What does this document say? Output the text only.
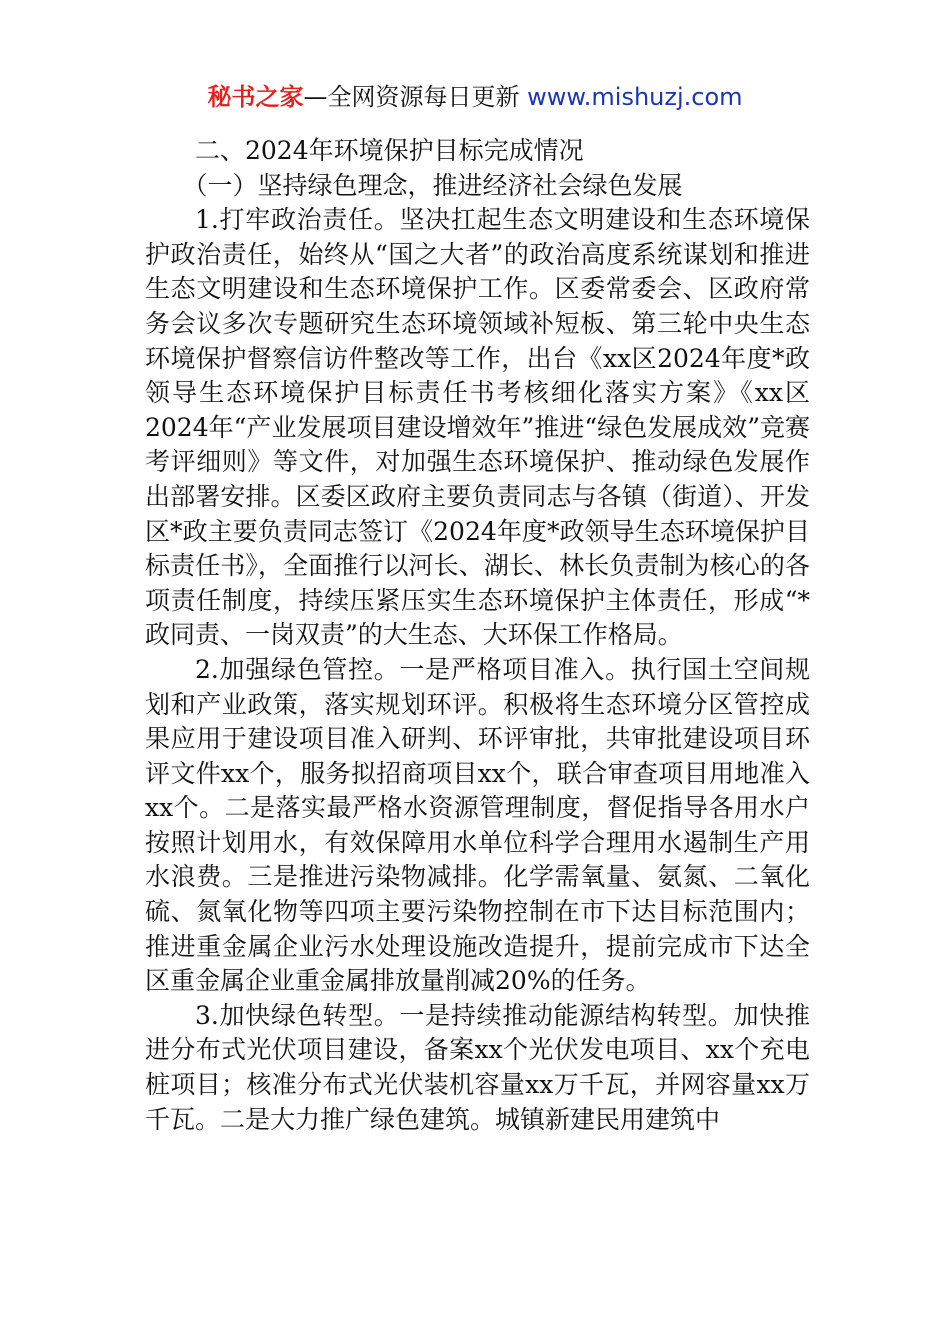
秘书之家—全网资源每日更新 www.mishuzj.com

二、2024年环境保护目标完成情况

（一）坚持绿色理念，推进经济社会绿色发展

1.打牢政治责任。坚决扛起生态文明建设和生态环境保护政治责任，始终从“国之大者”的政治高度系统谋划和推进生态文明建设和生态环境保护工作。区委常委会、区政府常务会议多次专题研究生态环境领域补短板、第三轮中央生态环境保护督察信访件整改等工作，出台《xx区2024年度*政领导生态环境保护目标责任书考核细化落实方案》《xx区2024年“产业发展项目建设增效年”推进“绿色发展成效”竞赛考评细则》等文件，对加强生态环境保护、推动绿色发展作出部署安排。区委区政府主要负责同志与各镇（街道）、开发区*政主要负责同志签订《2024年度*政领导生态环境保护目标责任书》，全面推行以河长、湖长、林长负责制为核心的各项责任制度，持续压紧压实生态环境保护主体责任，形成“*政同责、一岗双责”的大生态、大环保工作格局。

2.加强绿色管控。一是严格项目准入。执行国土空间规划和产业政策，落实规划环评。积极将生态环境分区管控成果应用于建设项目准入研判、环评审批，共审批建设项目环评文件xx个，服务拟招商项目xx个，联合审查项目用地准入xx个。二是落实最严格水资源管理制度，督促指导各用水户按照计划用水，有效保障用水单位科学合理用水遏制生产用水浪费。三是推进污染物减排。化学需氧量、氨氮、二氧化硫、氮氧化物等四项主要污染物控制在市下达目标范围内；推进重金属企业污水处理设施改造提升，提前完成市下达全区重金属企业重金属排放量削减20%的任务。

3.加快绿色转型。一是持续推动能源结构转型。加快推进分布式光伏项目建设，备案xx个光伏发电项目、xx个充电桩项目；核准分布式光伏装机容量xx万千瓦，并网容量xx万千瓦。二是大力推广绿色建筑。城镇新建民用建筑中
